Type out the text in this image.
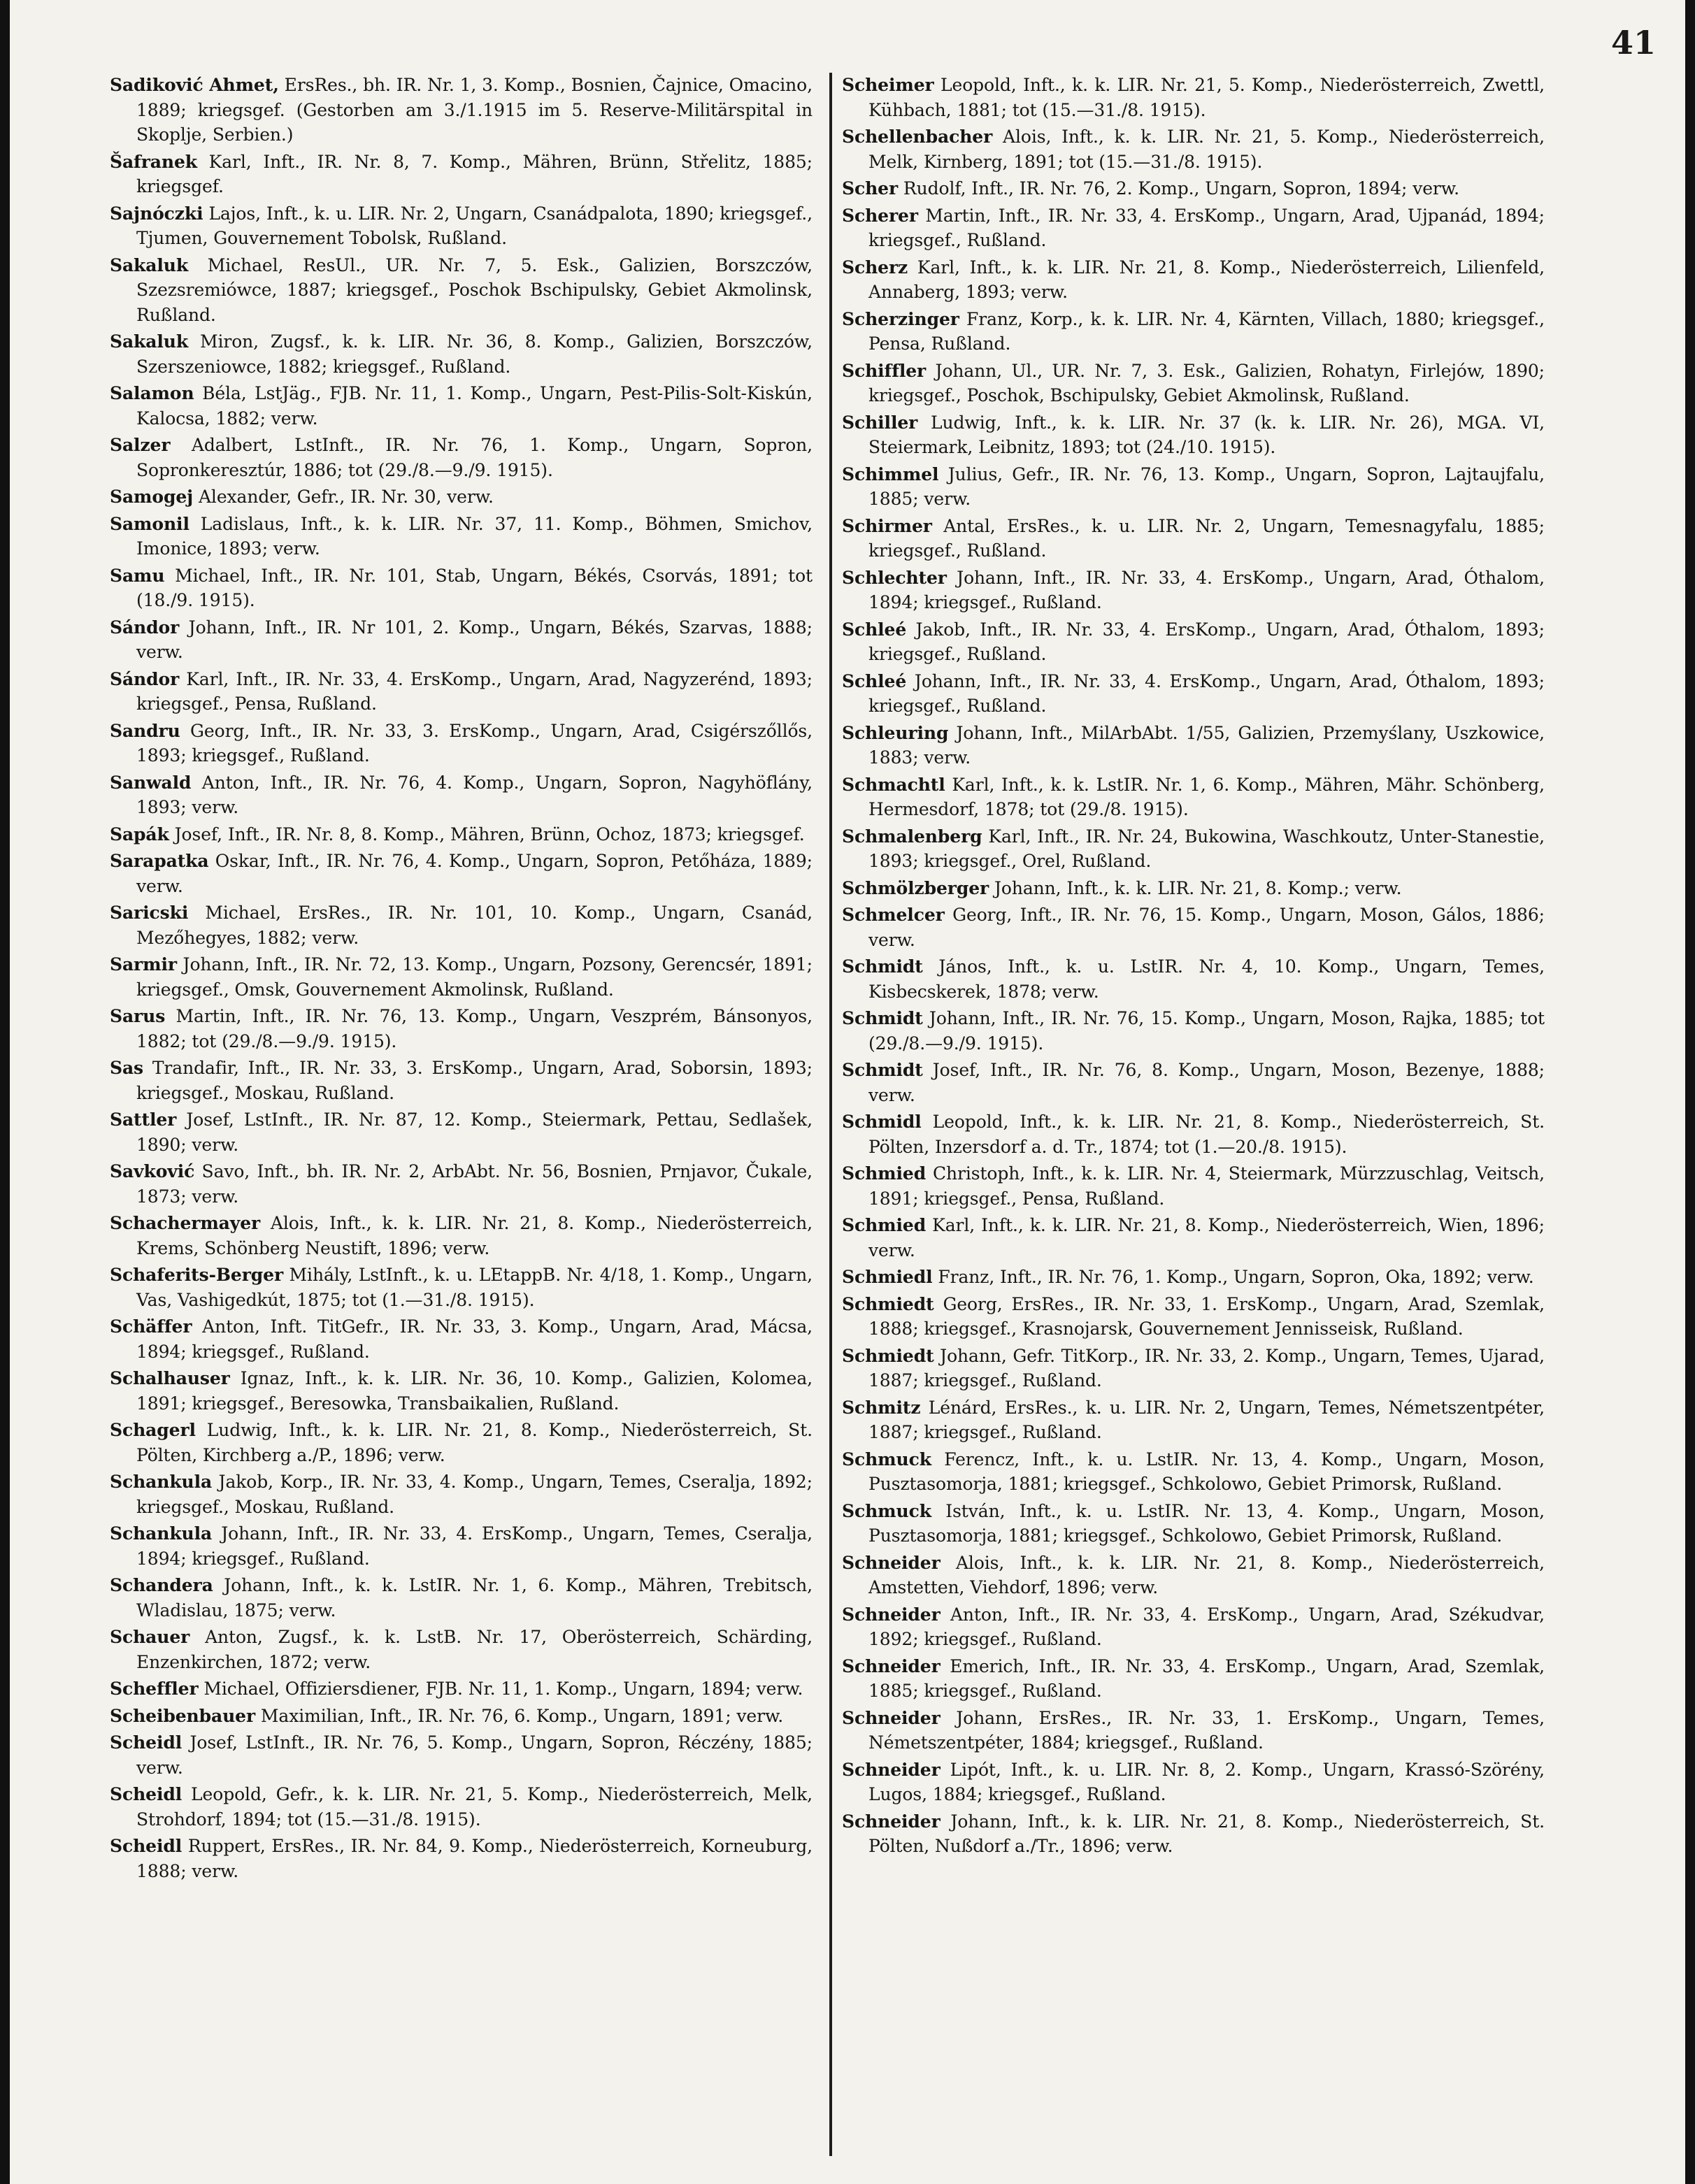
41

Sadiković Ahmet, ErsRes., bh. IR. Nr. 1, 3. Komp., Bosnien, Čajnice, Omacino, 1889; kriegsgef. (Gestorben am 3./1.1915 im 5. Reserve-Militärspital in Skoplje, Serbien.)

Šafranek Karl, Inft., IR. Nr. 8, 7. Komp., Mähren, Brünn, Střelitz, 1885; kriegsgef.

Sajnóczki Lajos, Inft., k. u. LIR. Nr. 2, Ungarn, Csanádpalota, 1890; kriegsgef., Tjumen, Gouvernement Tobolsk, Rußland.

Sakaluk Michael, ResUl., UR. Nr. 7, 5. Esk., Galizien, Borszczów, Szezsremiówce, 1887; kriegsgef., Poschok Bschipulsky, Gebiet Akmolinsk, Rußland.

Sakaluk Miron, Zugsf., k. k. LIR. Nr. 36, 8. Komp., Galizien, Borszczów, Szerszeniowce, 1882; kriegsgef., Rußland.

Salamon Béla, LstJäg., FJB. Nr. 11, 1. Komp., Ungarn, Pest-Pilis-Solt-Kiskún, Kalocsa, 1882; verw.

Salzer Adalbert, LstInft., IR. Nr. 76, 1. Komp., Ungarn, Sopron, Sopronkeresztúr, 1886; tot (29./8.—9./9. 1915).

Samogej Alexander, Gefr., IR. Nr. 30, verw.

Samonil Ladislaus, Inft., k. k. LIR. Nr. 37, 11. Komp., Böhmen, Smichov, Imonice, 1893; verw.

Samu Michael, Inft., IR. Nr. 101, Stab, Ungarn, Békés, Csorvás, 1891; tot (18./9. 1915).

Sándor Johann, Inft., IR. Nr 101, 2. Komp., Ungarn, Békés, Szarvas, 1888; verw.

Sándor Karl, Inft., IR. Nr. 33, 4. ErsKomp., Ungarn, Arad, Nagyzerénd, 1893; kriegsgef., Pensa, Rußland.

Sandru Georg, Inft., IR. Nr. 33, 3. ErsKomp., Ungarn, Arad, Csigérszőllős, 1893; kriegsgef., Rußland.

Sanwald Anton, Inft., IR. Nr. 76, 4. Komp., Ungarn, Sopron, Nagyhöflány, 1893; verw.

Sapák Josef, Inft., IR. Nr. 8, 8. Komp., Mähren, Brünn, Ochoz, 1873; kriegsgef.

Sarapatka Oskar, Inft., IR. Nr. 76, 4. Komp., Ungarn, Sopron, Petőháza, 1889; verw.

Saricski Michael, ErsRes., IR. Nr. 101, 10. Komp., Ungarn, Csanád, Mezőhegyes, 1882; verw.

Sarmir Johann, Inft., IR. Nr. 72, 13. Komp., Ungarn, Pozsony, Gerencsér, 1891; kriegsgef., Omsk, Gouvernement Akmolinsk, Rußland.

Sarus Martin, Inft., IR. Nr. 76, 13. Komp., Ungarn, Veszprém, Bánsonyos, 1882; tot (29./8.—9./9. 1915).

Sas Trandafir, Inft., IR. Nr. 33, 3. ErsKomp., Ungarn, Arad, Soborsin, 1893; kriegsgef., Moskau, Rußland.

Sattler Josef, LstInft., IR. Nr. 87, 12. Komp., Steiermark, Pettau, Sedlašek, 1890; verw.

Savković Savo, Inft., bh. IR. Nr. 2, ArbAbt. Nr. 56, Bosnien, Prnjavor, Čukale, 1873; verw.

Schachermayer Alois, Inft., k. k. LIR. Nr. 21, 8. Komp., Niederösterreich, Krems, Schönberg Neustift, 1896; verw.

Schaferits-Berger Mihály, LstInft., k. u. LEtappB. Nr. 4/18, 1. Komp., Ungarn, Vas, Vashigedkút, 1875; tot (1.—31./8. 1915).

Schäffer Anton, Inft. TitGefr., IR. Nr. 33, 3. Komp., Ungarn, Arad, Mácsa, 1894; kriegsgef., Rußland.

Schalhauser Ignaz, Inft., k. k. LIR. Nr. 36, 10. Komp., Galizien, Kolomea, 1891; kriegsgef., Beresowka, Transbaikalien, Rußland.

Schagerl Ludwig, Inft., k. k. LIR. Nr. 21, 8. Komp., Niederösterreich, St. Pölten, Kirchberg a./P., 1896; verw.

Schankula Jakob, Korp., IR. Nr. 33, 4. Komp., Ungarn, Temes, Cseralja, 1892; kriegsgef., Moskau, Rußland.

Schankula Johann, Inft., IR. Nr. 33, 4. ErsKomp., Ungarn, Temes, Cseralja, 1894; kriegsgef., Rußland.

Schandera Johann, Inft., k. k. LstIR. Nr. 1, 6. Komp., Mähren, Trebitsch, Wladislau, 1875; verw.

Schauer Anton, Zugsf., k. k. LstB. Nr. 17, Oberösterreich, Schärding, Enzenkirchen, 1872; verw.

Scheffler Michael, Offiziersdiener, FJB. Nr. 11, 1. Komp., Ungarn, 1894; verw.

Scheibenbauer Maximilian, Inft., IR. Nr. 76, 6. Komp., Ungarn, 1891; verw.

Scheidl Josef, LstInft., IR. Nr. 76, 5. Komp., Ungarn, Sopron, Réczény, 1885; verw.

Scheidl Leopold, Gefr., k. k. LIR. Nr. 21, 5. Komp., Niederösterreich, Melk, Strohdorf, 1894; tot (15.—31./8. 1915).

Scheidl Ruppert, ErsRes., IR. Nr. 84, 9. Komp., Niederösterreich, Korneuburg, 1888; verw.

Scheimer Leopold, Inft., k. k. LIR. Nr. 21, 5. Komp., Niederösterreich, Zwettl, Kühbach, 1881; tot (15.—31./8. 1915).

Schellenbacher Alois, Inft., k. k. LIR. Nr. 21, 5. Komp., Niederösterreich, Melk, Kirnberg, 1891; tot (15.—31./8. 1915).

Scher Rudolf, Inft., IR. Nr. 76, 2. Komp., Ungarn, Sopron, 1894; verw.

Scherer Martin, Inft., IR. Nr. 33, 4. ErsKomp., Ungarn, Arad, Ujpanád, 1894; kriegsgef., Rußland.

Scherz Karl, Inft., k. k. LIR. Nr. 21, 8. Komp., Niederösterreich, Lilienfeld, Annaberg, 1893; verw.

Scherzinger Franz, Korp., k. k. LIR. Nr. 4, Kärnten, Villach, 1880; kriegsgef., Pensa, Rußland.

Schiffler Johann, Ul., UR. Nr. 7, 3. Esk., Galizien, Rohatyn, Firlejów, 1890; kriegsgef., Poschok, Bschipulsky, Gebiet Akmolinsk, Rußland.

Schiller Ludwig, Inft., k. k. LIR. Nr. 37 (k. k. LIR. Nr. 26), MGA. VI, Steiermark, Leibnitz, 1893; tot (24./10. 1915).

Schimmel Julius, Gefr., IR. Nr. 76, 13. Komp., Ungarn, Sopron, Lajtaujfalu, 1885; verw.

Schirmer Antal, ErsRes., k. u. LIR. Nr. 2, Ungarn, Temesnagyfalu, 1885; kriegsgef., Rußland.

Schlechter Johann, Inft., IR. Nr. 33, 4. ErsKomp., Ungarn, Arad, Óthalom, 1894; kriegsgef., Rußland.

Schleé Jakob, Inft., IR. Nr. 33, 4. ErsKomp., Ungarn, Arad, Óthalom, 1893; kriegsgef., Rußland.

Schleé Johann, Inft., IR. Nr. 33, 4. ErsKomp., Ungarn, Arad, Óthalom, 1893; kriegsgef., Rußland.

Schleuring Johann, Inft., MilArbAbt. 1/55, Galizien, Przemyślany, Uszkowice, 1883; verw.

Schmachtl Karl, Inft., k. k. LstIR. Nr. 1, 6. Komp., Mähren, Mähr. Schönberg, Hermesdorf, 1878; tot (29./8. 1915).

Schmalenberg Karl, Inft., IR. Nr. 24, Bukowina, Waschkoutz, Unter-Stanestie, 1893; kriegsgef., Orel, Rußland.

Schmölzberger Johann, Inft., k. k. LIR. Nr. 21, 8. Komp.; verw.

Schmelcer Georg, Inft., IR. Nr. 76, 15. Komp., Ungarn, Moson, Gálos, 1886; verw.

Schmidt János, Inft., k. u. LstIR. Nr. 4, 10. Komp., Ungarn, Temes, Kisbecskerek, 1878; verw.

Schmidt Johann, Inft., IR. Nr. 76, 15. Komp., Ungarn, Moson, Rajka, 1885; tot (29./8.—9./9. 1915).

Schmidt Josef, Inft., IR. Nr. 76, 8. Komp., Ungarn, Moson, Bezenye, 1888; verw.

Schmidl Leopold, Inft., k. k. LIR. Nr. 21, 8. Komp., Niederösterreich, St. Pölten, Inzersdorf a. d. Tr., 1874; tot (1.—20./8. 1915).

Schmied Christoph, Inft., k. k. LIR. Nr. 4, Steiermark, Mürzzuschlag, Veitsch, 1891; kriegsgef., Pensa, Rußland.

Schmied Karl, Inft., k. k. LIR. Nr. 21, 8. Komp., Niederösterreich, Wien, 1896; verw.

Schmiedl Franz, Inft., IR. Nr. 76, 1. Komp., Ungarn, Sopron, Oka, 1892; verw.

Schmiedt Georg, ErsRes., IR. Nr. 33, 1. ErsKomp., Ungarn, Arad, Szemlak, 1888; kriegsgef., Krasnojarsk, Gouvernement Jennisseisk, Rußland.

Schmiedt Johann, Gefr. TitKorp., IR. Nr. 33, 2. Komp., Ungarn, Temes, Ujarad, 1887; kriegsgef., Rußland.

Schmitz Lénárd, ErsRes., k. u. LIR. Nr. 2, Ungarn, Temes, Németszentpéter, 1887; kriegsgef., Rußland.

Schmuck Ferencz, Inft., k. u. LstIR. Nr. 13, 4. Komp., Ungarn, Moson, Pusztasomorja, 1881; kriegsgef., Schkolowo, Gebiet Primorsk, Rußland.

Schmuck István, Inft., k. u. LstIR. Nr. 13, 4. Komp., Ungarn, Moson, Pusztasomorja, 1881; kriegsgef., Schkolowo, Gebiet Primorsk, Rußland.

Schneider Alois, Inft., k. k. LIR. Nr. 21, 8. Komp., Niederösterreich, Amstetten, Viehdorf, 1896; verw.

Schneider Anton, Inft., IR. Nr. 33, 4. ErsKomp., Ungarn, Arad, Székudvar, 1892; kriegsgef., Rußland.

Schneider Emerich, Inft., IR. Nr. 33, 4. ErsKomp., Ungarn, Arad, Szemlak, 1885; kriegsgef., Rußland.

Schneider Johann, ErsRes., IR. Nr. 33, 1. ErsKomp., Ungarn, Temes, Németszentpéter, 1884; kriegsgef., Rußland.

Schneider Lipót, Inft., k. u. LIR. Nr. 8, 2. Komp., Ungarn, Krassó-Szörény, Lugos, 1884; kriegsgef., Rußland.

Schneider Johann, Inft., k. k. LIR. Nr. 21, 8. Komp., Niederösterreich, St. Pölten, Nußdorf a./Tr., 1896; verw.
